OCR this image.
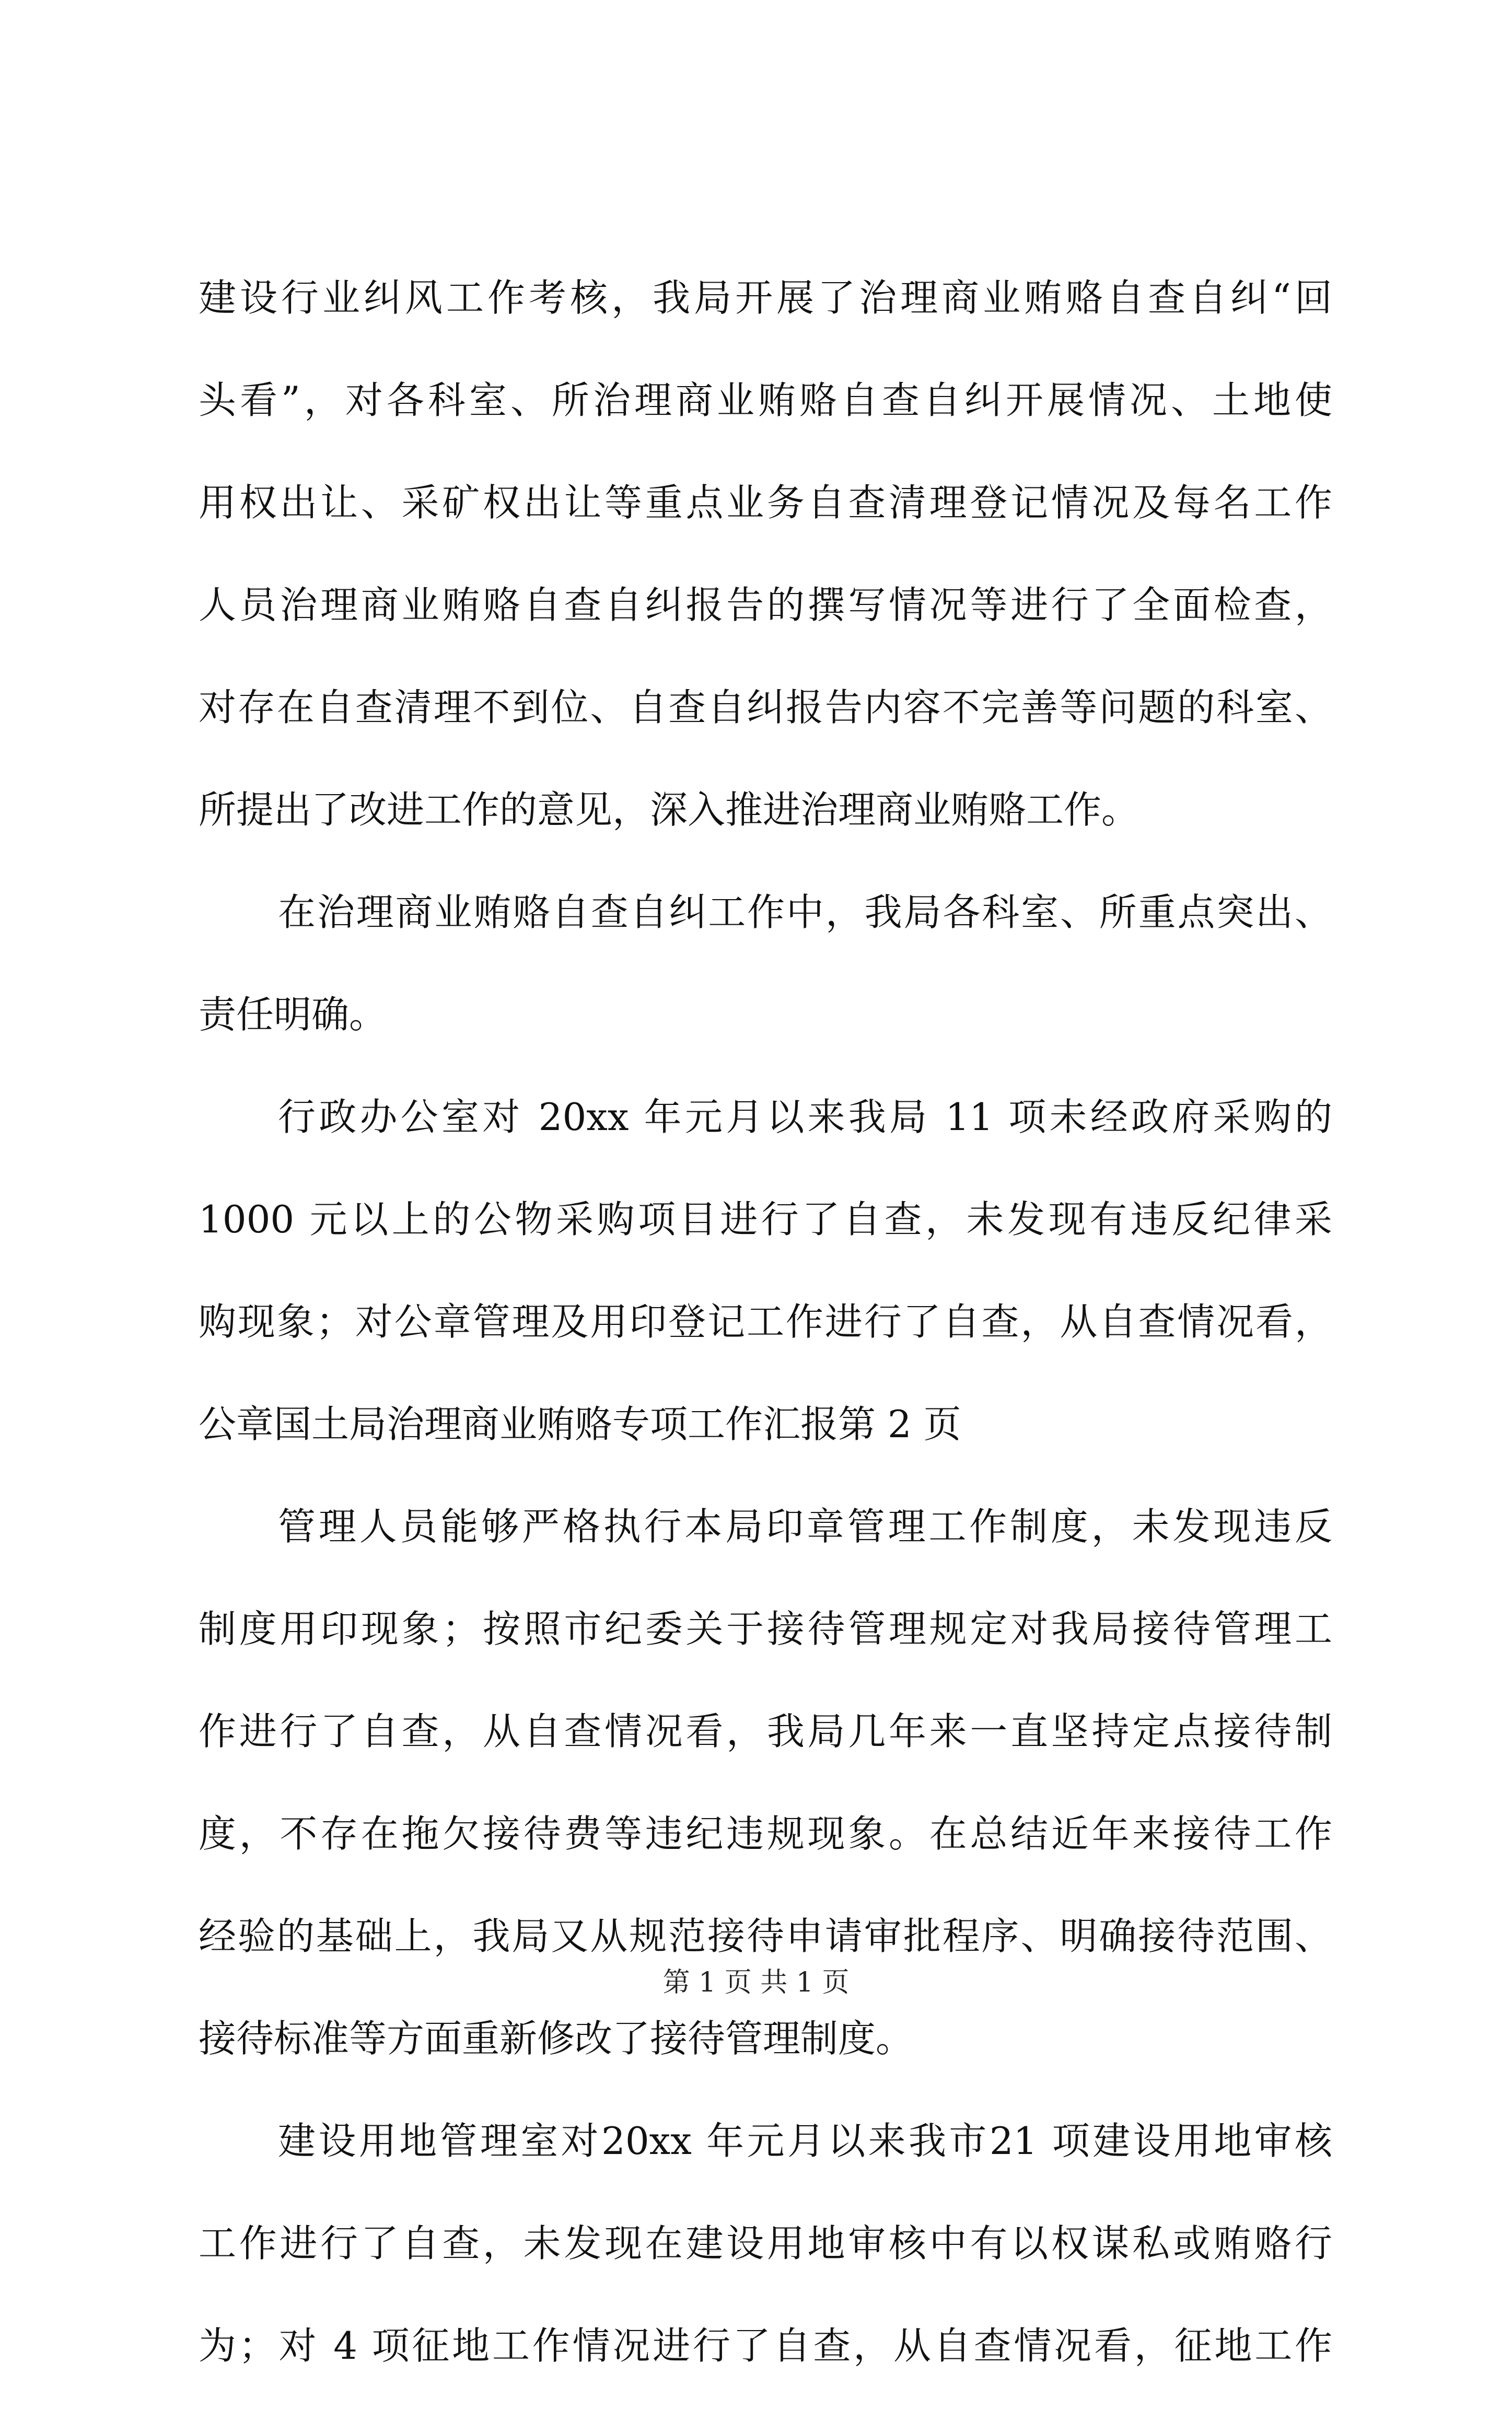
建设行业纠风工作考核，我局开展了治理商业贿赂自查自纠“回
头看”，对各科室、所治理商业贿赂自查自纠开展情况、土地使
用权出让、采矿权出让等重点业务自查清理登记情况及每名工作
人员治理商业贿赂自查自纠报告的撰写情况等进行了全面检查，
对存在自查清理不到位、自查自纠报告内容不完善等问题的科室、
所提出了改进工作的意见，深入推进治理商业贿赂工作。
在治理商业贿赂自查自纠工作中，我局各科室、所重点突出、
责任明确。
行政办公室对 20xx 年元月以来我局 11 项未经政府采购的
1000 元以上的公物采购项目进行了自查，未发现有违反纪律采
购现象；对公章管理及用印登记工作进行了自查，从自查情况看，
公章国土局治理商业贿赂专项工作汇报第 2 页
管理人员能够严格执行本局印章管理工作制度，未发现违反
制度用印现象；按照市纪委关于接待管理规定对我局接待管理工
作进行了自查，从自查情况看，我局几年来一直坚持定点接待制
度，不存在拖欠接待费等违纪违规现象。在总结近年来接待工作
经验的基础上，我局又从规范接待申请审批程序、明确接待范围、
接待标准等方面重新修改了接待管理制度。
建设用地管理室对20xx 年元月以来我市21 项建设用地审核
工作进行了自查，未发现在建设用地审核中有以权谋私或贿赂行
为；对 4 项征地工作情况进行了自查，从自查情况看，征地工作
第 1 页 共 1 页
